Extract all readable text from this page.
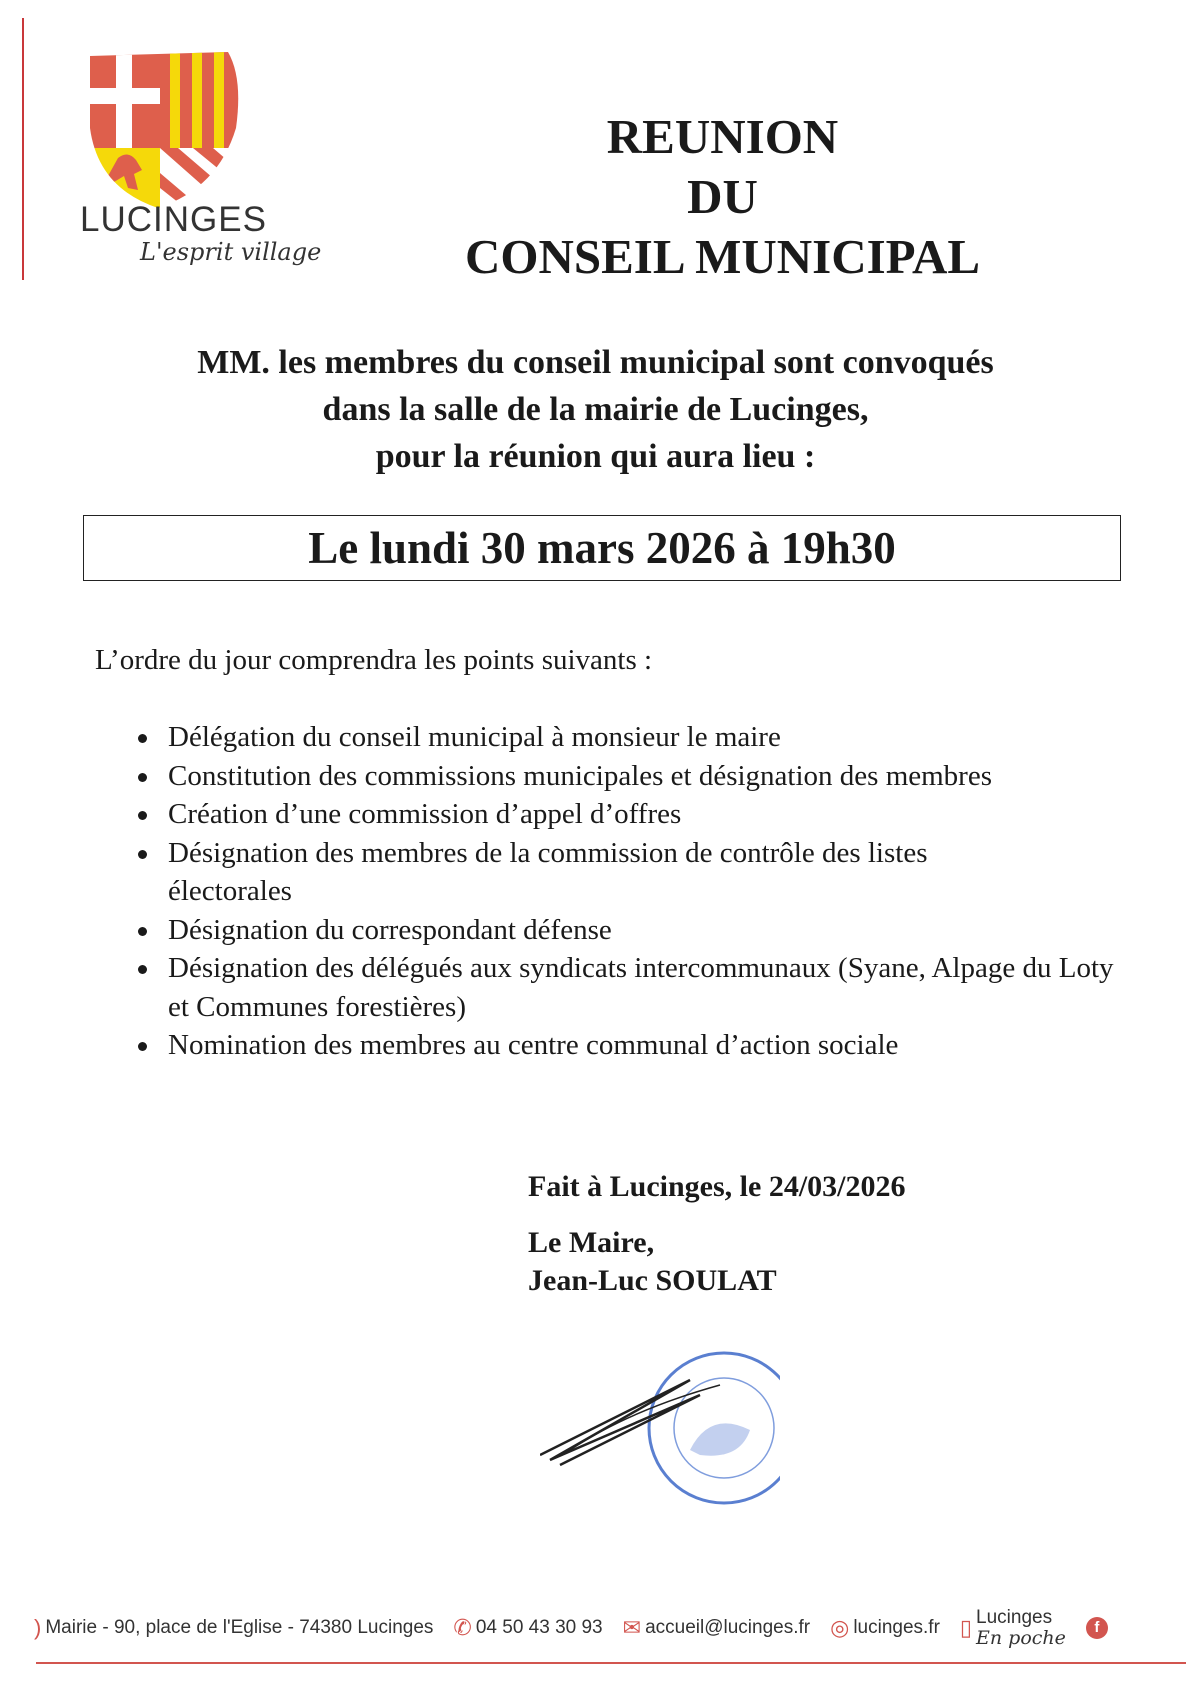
LUCINGES
L'esprit village
REUNION
DU
CONSEIL MUNICIPAL
MM. les membres du conseil municipal sont convoqués
dans la salle de la mairie de Lucinges,
pour la réunion qui aura lieu :
Le lundi 30 mars 2026 à 19h30
L’ordre du jour comprendra les points suivants :
Délégation du conseil municipal à monsieur le maire
Constitution des commissions municipales et désignation des membres
Création d’une commission d’appel d’offres
Désignation des membres de la commission de contrôle des listes électorales
Désignation du correspondant défense
Désignation des délégués aux syndicats intercommunaux (Syane, Alpage du Loty et Communes forestières)
Nomination des membres au centre communal d’action sociale
Fait à Lucinges, le 24/03/2026
Le Maire,
Jean-Luc SOULAT
) Mairie - 90, place de l'Eglise - 74380 Lucinges ✆ 04 50 43 30 93 ✉ accueil@lucinges.fr ◎ lucinges.fr ▯ Lucinges
En poche	f
